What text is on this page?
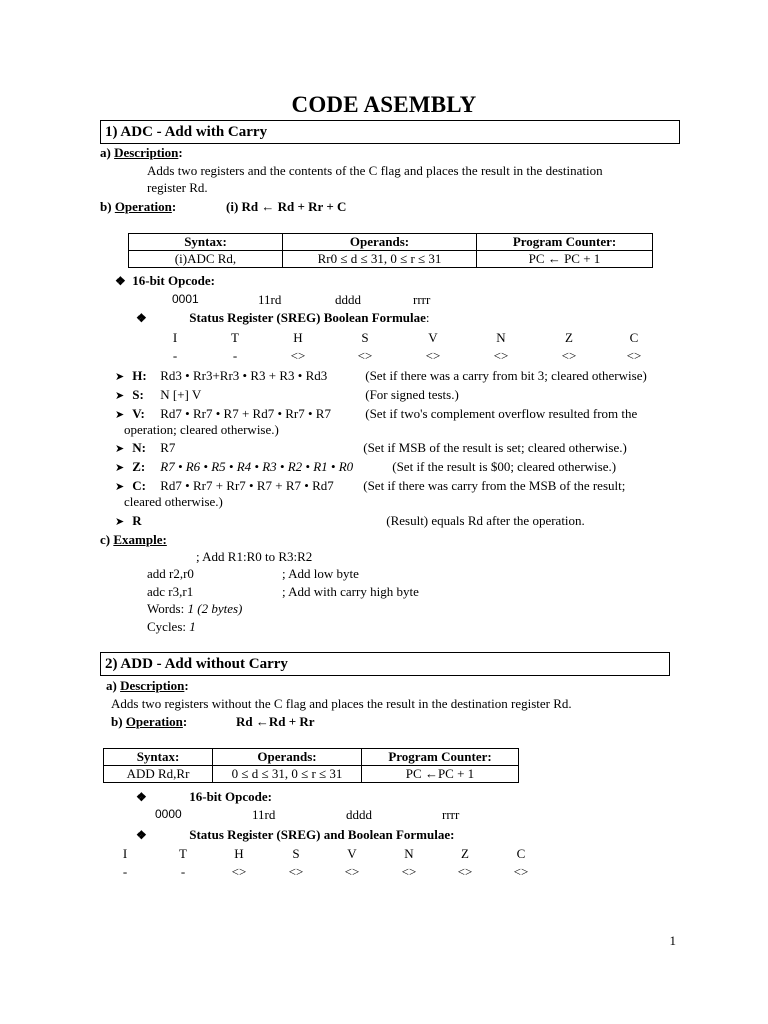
CODE ASEMBLY
1) ADC - Add with Carry
a) Description:
Adds two registers and the contents of the C flag and places the result in the destination
register Rd.
b) Operation:	(i) Rd ← Rd + Rr + C
Syntax:	Operands:	Program Counter:
(i)ADC Rd,	Rr0 ≤ d ≤ 31, 0 ≤ r ≤ 31	PC ← PC + 1
❖ 16-bit Opcode:
0001	11rd	dddd	rrrr
❖	Status Register (SREG) Boolean Formulae:
I	T	H	S	V	N	Z	C
-	-	<>	<>	<>	<>	<>	<>
➤ H: Rd3 • Rr3+Rr3 • R3 + R3 • Rd3	(Set if there was a carry from bit 3; cleared otherwise)
➤ S: N [+] V	(For signed tests.)
➤ V: Rd7 • Rr7 • R7 + Rd7 • Rr7 • R7	(Set if two's complement overflow resulted from the
operation; cleared otherwise.)
➤ N: R7	(Set if MSB of the result is set; cleared otherwise.)
➤ Z: R7 • R6 • R5 • R4 • R3 • R2 • R1 • R0	(Set if the result is $00; cleared otherwise.)
➤ C: Rd7 • Rr7 + Rr7 • R7 + R7 • Rd7 (Set if there was carry from the MSB of the result;
cleared otherwise.)
➤ R	(Result) equals Rd after the operation.
c) Example:
; Add R1:R0 to R3:R2
add r2,r0	; Add low byte
adc r3,r1	; Add with carry high byte
Words: 1 (2 bytes)
Cycles: 1
2) ADD - Add without Carry
a) Description:
Adds two registers without the C flag and places the result in the destination register Rd.
b) Operation:	Rd ←Rd + Rr
Syntax:	Operands:	Program Counter:
ADD Rd,Rr	0 ≤ d ≤ 31, 0 ≤ r ≤ 31	PC ←PC + 1
❖	16-bit Opcode:
0000	11rd	dddd	rrrr
❖	Status Register (SREG) and Boolean Formulae:
I	T	H	S	V	N	Z	C
-	-	<>	<>	<>	<>	<>	<>
1
